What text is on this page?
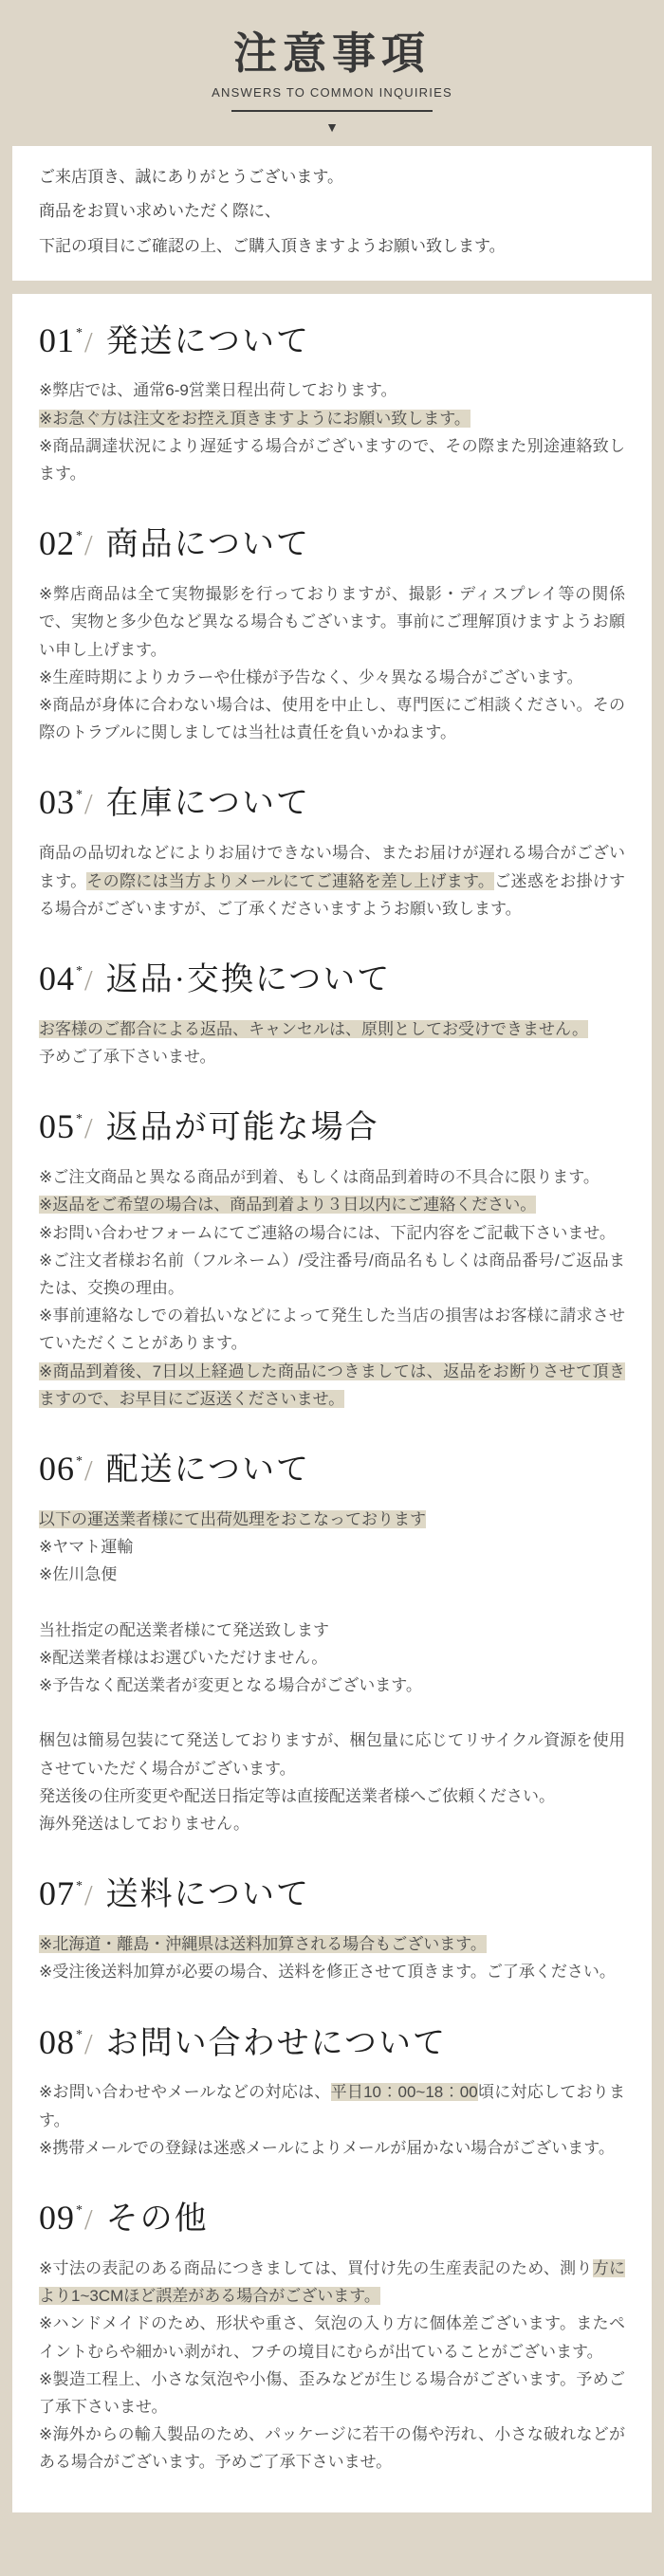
注意事項
ANSWERS TO COMMON INQUIRIES
▼

ご来店頂き、誠にありがとうございます。

商品をお買い求めいただく際に、

下記の項目にご確認の上、ご購入頂きますようお願い致します。

01*/ 発送について

※弊店では、通常6-9営業日程出荷しております。

※お急ぐ方は注文をお控え頂きますようにお願い致します。

※商品調達状況により遅延する場合がございますので、その際また別途連絡致します。

02*/ 商品について

※弊店商品は全て実物撮影を行っておりますが、撮影・ディスプレイ等の関係で、実物と多少色など異なる場合もございます。事前にご理解頂けますようお願い申し上げます。

※生産時期によりカラーや仕様が予告なく、少々異なる場合がございます。

※商品が身体に合わない場合は、使用を中止し、専門医にご相談ください。その際のトラブルに関しましては当社は責任を負いかねます。

03*/ 在庫について

商品の品切れなどによりお届けできない場合、またお届けが遅れる場合がございます。その際には当方よりメールにてご連絡を差し上げます。ご迷惑をお掛けする場合がございますが、ご了承くださいますようお願い致します。

04*/ 返品·交換について

お客様のご都合による返品、キャンセルは、原則としてお受けできません。

予めご了承下さいませ。

05*/ 返品が可能な場合

※ご注文商品と異なる商品が到着、もしくは商品到着時の不具合に限ります。

※返品をご希望の場合は、商品到着より３日以内にご連絡ください。

※お問い合わせフォームにてご連絡の場合には、下記内容をご記載下さいませ。

※ご注文者様お名前（フルネーム）/受注番号/商品名もしくは商品番号/ご返品または、交換の理由。

※事前連絡なしでの着払いなどによって発生した当店の損害はお客様に請求させていただくことがあります。

※商品到着後、7日以上経過した商品につきましては、返品をお断りさせて頂きますので、お早目にご返送くださいませ。

06*/ 配送について

以下の運送業者様にて出荷処理をおこなっております

※ヤマト運輸

※佐川急便

当社指定の配送業者様にて発送致します

※配送業者様はお選びいただけません。

※予告なく配送業者が変更となる場合がございます。

梱包は簡易包装にて発送しておりますが、梱包量に応じてリサイクル資源を使用させていただく場合がございます。

発送後の住所変更や配送日指定等は直接配送業者様へご依頼ください。

海外発送はしておりません。

07*/ 送料について

※北海道・離島・沖縄県は送料加算される場合もございます。

※受注後送料加算が必要の場合、送料を修正させて頂きます。ご了承ください。

08*/ お問い合わせについて

※お問い合わせやメールなどの対応は、平日10：00~18：00頃に対応しております。

※携帯メールでの登録は迷惑メールによりメールが届かない場合がございます。

09*/ その他

※寸法の表記のある商品につきましては、買付け先の生産表記のため、測り方により1~3CMほど誤差がある場合がございます。

※ハンドメイドのため、形状や重さ、気泡の入り方に個体差ございます。またペイントむらや細かい剥がれ、フチの境目にむらが出ていることがございます。

※製造工程上、小さな気泡や小傷、歪みなどが生じる場合がございます。予めご了承下さいませ。

※海外からの輸入製品のため、パッケージに若干の傷や汚れ、小さな破れなどがある場合がございます。予めご了承下さいませ。
